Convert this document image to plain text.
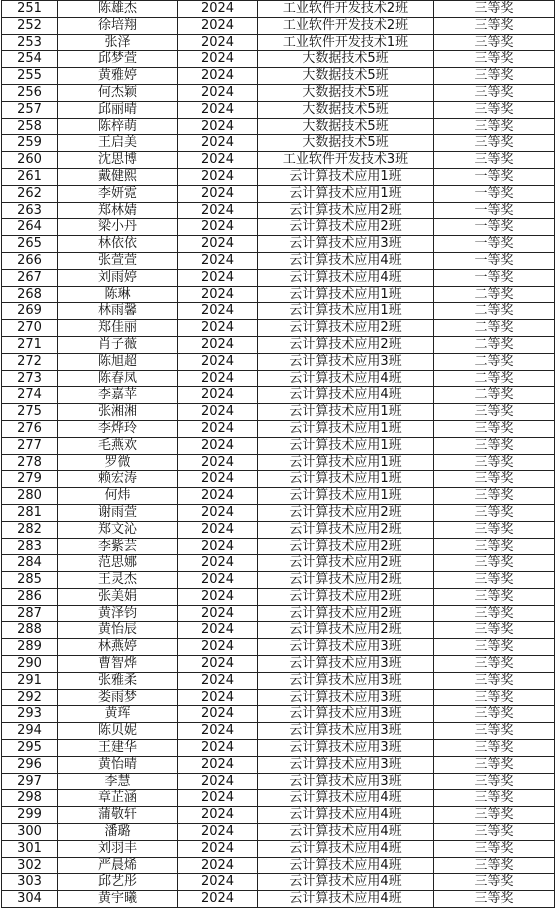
251	陈雄杰	2024	工业软件开发技术2班	三等奖
252	徐培翔	2024	工业软件开发技术2班	三等奖
253	张泽	2024	工业软件开发技术1班	三等奖
254	邱梦萱	2024	大数据技术5班	三等奖
255	黄雅婷	2024	大数据技术5班	三等奖
256	何杰颖	2024	大数据技术5班	三等奖
257	邱丽晴	2024	大数据技术5班	三等奖
258	陈梓萌	2024	大数据技术5班	三等奖
259	王启美	2024	大数据技术5班	三等奖
260	沈思博	2024	工业软件开发技术3班	三等奖
261	戴健熙	2024	云计算技术应用1班	一等奖
262	李妍霓	2024	云计算技术应用1班	一等奖
263	郑林婧	2024	云计算技术应用2班	一等奖
264	梁小丹	2024	云计算技术应用2班	一等奖
265	林依依	2024	云计算技术应用3班	一等奖
266	张萱萱	2024	云计算技术应用4班	一等奖
267	刘雨婷	2024	云计算技术应用4班	一等奖
268	陈琳	2024	云计算技术应用1班	二等奖
269	林雨馨	2024	云计算技术应用1班	二等奖
270	郑佳丽	2024	云计算技术应用2班	二等奖
271	肖子薇	2024	云计算技术应用2班	二等奖
272	陈旭超	2024	云计算技术应用3班	二等奖
273	陈春凤	2024	云计算技术应用4班	二等奖
274	李嘉苹	2024	云计算技术应用4班	二等奖
275	张湘湘	2024	云计算技术应用1班	三等奖
276	李烨玲	2024	云计算技术应用1班	三等奖
277	毛燕欢	2024	云计算技术应用1班	三等奖
278	罗微	2024	云计算技术应用1班	三等奖
279	赖宏涛	2024	云计算技术应用1班	三等奖
280	何炜	2024	云计算技术应用1班	三等奖
281	谢雨萱	2024	云计算技术应用2班	三等奖
282	郑文沁	2024	云计算技术应用2班	三等奖
283	李紫芸	2024	云计算技术应用2班	三等奖
284	范思娜	2024	云计算技术应用2班	三等奖
285	王灵杰	2024	云计算技术应用2班	三等奖
286	张美娟	2024	云计算技术应用2班	三等奖
287	黄泽钧	2024	云计算技术应用2班	三等奖
288	黄怡辰	2024	云计算技术应用2班	三等奖
289	林燕婷	2024	云计算技术应用3班	三等奖
290	曹智烨	2024	云计算技术应用3班	三等奖
291	张雅柔	2024	云计算技术应用3班	三等奖
292	娄雨梦	2024	云计算技术应用3班	三等奖
293	黄珲	2024	云计算技术应用3班	三等奖
294	陈贝妮	2024	云计算技术应用3班	三等奖
295	王建华	2024	云计算技术应用3班	三等奖
296	黄怡晴	2024	云计算技术应用3班	三等奖
297	李慧	2024	云计算技术应用3班	三等奖
298	章芷涵	2024	云计算技术应用4班	三等奖
299	蒲敬轩	2024	云计算技术应用4班	三等奖
300	潘璐	2024	云计算技术应用4班	三等奖
301	刘羽丰	2024	云计算技术应用4班	三等奖
302	严晨烯	2024	云计算技术应用4班	三等奖
303	邱艺彤	2024	云计算技术应用4班	三等奖
304	黄宇曦	2024	云计算技术应用4班	三等奖
